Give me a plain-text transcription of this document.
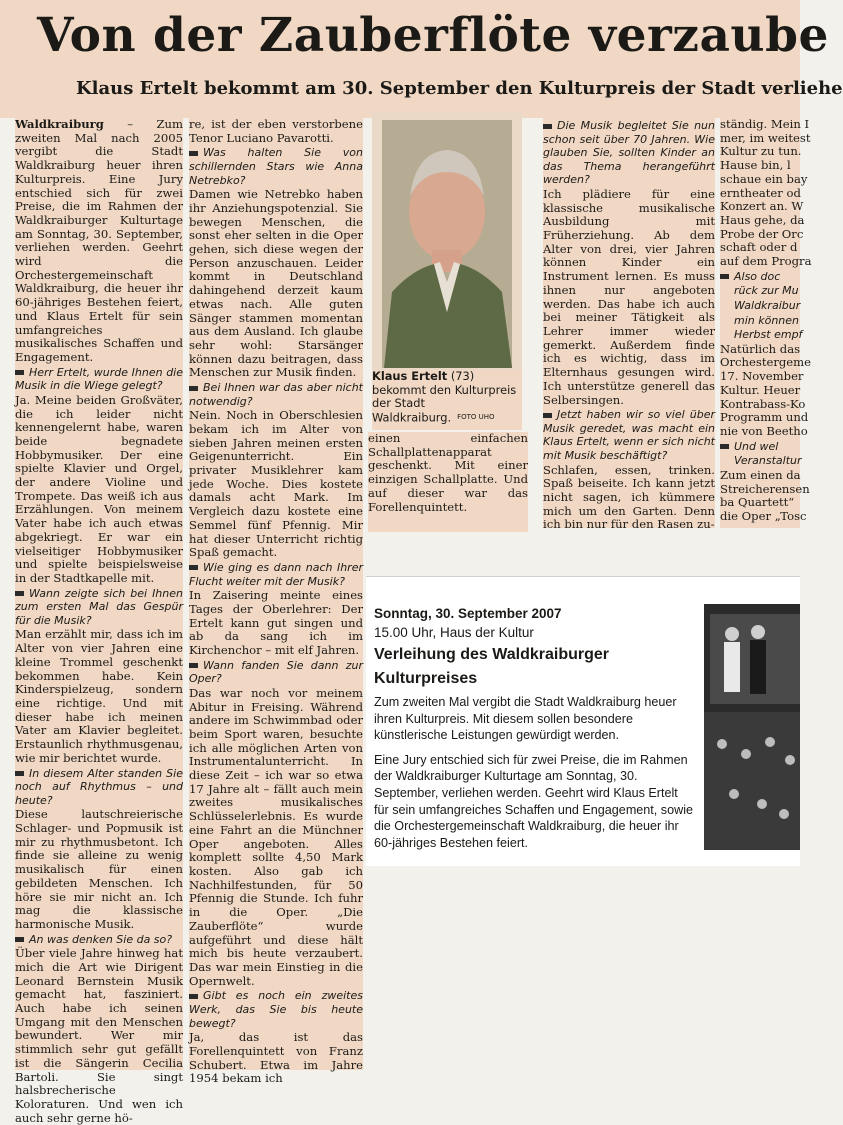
Von der Zauberflöte verzaube
Klaus Ertelt bekommt am 30. September den Kulturpreis der Stadt verliehe

Waldkraiburg – Zum zweiten Mal nach 2005 vergibt die Stadt Waldkraiburg heuer ihren Kulturpreis. Eine Jury entschied sich für zwei Preise, die im Rahmen der Waldkraiburger Kulturtage am Sonntag, 30. September, verliehen werden. Geehrt wird die Orchestergemeinschaft Waldkraiburg, die heuer ihr 60-jähriges Bestehen feiert, und Klaus Ertelt für sein umfangreiches musikalisches Schaffen und Engagement.

Herr Ertelt, wurde Ihnen die Musik in die Wiege gelegt?

Ja. Meine beiden Großväter, die ich leider nicht kennengelernt habe, waren beide begnadete Hobbymusiker. Der eine spielte Klavier und Orgel, der andere Violine und Trompete. Das weiß ich aus Erzählungen. Von meinem Vater habe ich auch etwas abgekriegt. Er war ein vielseitiger Hobbymusiker und spielte beispielsweise in der Stadtkapelle mit.

Wann zeigte sich bei Ihnen zum ersten Mal das Gespür für die Musik?

Man erzählt mir, dass ich im Alter von vier Jahren eine kleine Trommel geschenkt bekommen habe. Kein Kinderspielzeug, sondern eine richtige. Und mit dieser habe ich meinen Vater am Klavier begleitet. Erstaunlich rhythmusgenau, wie mir berichtet wurde.

In diesem Alter standen Sie noch auf Rhythmus – und heute?

Diese lautschreierische Schlager- und Popmusik ist mir zu rhythmusbetont. Ich finde sie alleine zu wenig musikalisch für einen gebildeten Menschen. Ich höre sie mir nicht an. Ich mag die klassische harmonische Musik.

An was denken Sie da so?

Über viele Jahre hinweg hat mich die Art wie Dirigent Leonard Bernstein Musik gemacht hat, fasziniert. Auch habe ich seinen Umgang mit den Menschen bewundert. Wer mir stimmlich sehr gut gefällt ist die Sängerin Cecilia Bartoli. Sie singt halsbrecherische Koloraturen. Und wen ich auch sehr gerne hö-

re, ist der eben verstorbene Tenor Luciano Pavarotti.

Was halten Sie von schillernden Stars wie Anna Netrebko?

Damen wie Netrebko haben ihr Anziehungspotenzial. Sie bewegen Menschen, die sonst eher selten in die Oper gehen, sich diese wegen der Person anzuschauen. Leider kommt in Deutschland dahingehend derzeit kaum etwas nach. Alle guten Sänger stammen momentan aus dem Ausland. Ich glaube sehr wohl: Starsänger können dazu beitragen, dass Menschen zur Musik finden.

Bei Ihnen war das aber nicht notwendig?

Nein. Noch in Oberschlesien bekam ich im Alter von sieben Jahren meinen ersten Geigenunterricht. Ein privater Musiklehrer kam jede Woche. Dies kostete damals acht Mark. Im Vergleich dazu kostete eine Semmel fünf Pfennig. Mir hat dieser Unterricht richtig Spaß gemacht.

Wie ging es dann nach Ihrer Flucht weiter mit der Musik?

In Zaisering meinte eines Tages der Oberlehrer: Der Ertelt kann gut singen und ab da sang ich im Kirchenchor – mit elf Jahren.

Wann fanden Sie dann zur Oper?

Das war noch vor meinem Abitur in Freising. Während andere im Schwimmbad oder beim Sport waren, besuchte ich alle möglichen Arten von Instrumentalunterricht. In diese Zeit – ich war so etwa 17 Jahre alt – fällt auch mein zweites musikalisches Schlüsselerlebnis. Es wurde eine Fahrt an die Münchner Oper angeboten. Alles komplett sollte 4,50 Mark kosten. Also gab ich Nachhilfestunden, für 50 Pfennig die Stunde. Ich fuhr in die Oper. „Die Zauberflöte“ wurde aufgeführt und diese hält mich bis heute verzaubert. Das war mein Einstieg in die Opernwelt.

Gibt es noch ein zweites Werk, das Sie bis heute bewegt?

Ja, das ist das Forellenquintett von Franz Schubert. Etwa im Jahre 1954 bekam ich

Klaus Ertelt (73) bekommt den Kulturpreis der Stadt Waldkraiburg. FOTO UHO

einen einfachen Schallplattenapparat geschenkt. Mit einer einzigen Schallplatte. Und auf dieser war das Forellenquintett.

Die Musik begleitet Sie nun schon seit über 70 Jahren. Wie glauben Sie, sollten Kinder an das Thema herangeführt werden?

Ich plädiere für eine klassische musikalische Ausbildung mit Früherziehung. Ab dem Alter von drei, vier Jahren können Kinder ein Instrument lernen. Es muss ihnen nur angeboten werden. Das habe ich auch bei meiner Tätigkeit als Lehrer immer wieder gemerkt. Außerdem finde ich es wichtig, dass im Elternhaus gesungen wird. Ich unterstütze generell das Selbersingen.

Jetzt haben wir so viel über Musik geredet, was macht ein Klaus Ertelt, wenn er sich nicht mit Musik beschäftigt?

Schlafen, essen, trinken. Spaß beiseite. Ich kann jetzt nicht sagen, ich kümmere mich um den Garten. Denn ich bin nur für den Rasen zu-

ständig. Mein I

mer, im weitest

Kultur zu tun.

Hause bin, l

schaue ein bay

erntheater od

Konzert an. W

Haus gehe, da

Probe der Orc

schaft oder d

auf dem Progra

Also doc

rück zur Mu

Waldkraibur

min können

Herbst empf

Natürlich das

Orchestergeme

17. November

Kultur. Heuer

Kontrabass-Ko

Programm und

nie von Beetho

Und wel

Veranstaltur

Zum einen da

Streicherensen

ba Quartett“

die Oper „Tosc

Sonntag, 30. September 2007
15.00 Uhr, Haus der Kultur
Verleihung des Waldkraiburger Kulturpreises

Zum zweiten Mal vergibt die Stadt Waldkraiburg heuer ihren Kulturpreis. Mit diesem sollen besondere künstlerische Leistungen gewürdigt werden.

Eine Jury entschied sich für zwei Preise, die im Rahmen der Waldkraiburger Kulturtage am Sonntag, 30. September, verliehen werden. Geehrt wird Klaus Ertelt für sein umfangreiches Schaffen und Engagement, sowie die Orchestergemeinschaft Waldkraiburg, die heuer ihr 60-jähriges Bestehen feiert.
